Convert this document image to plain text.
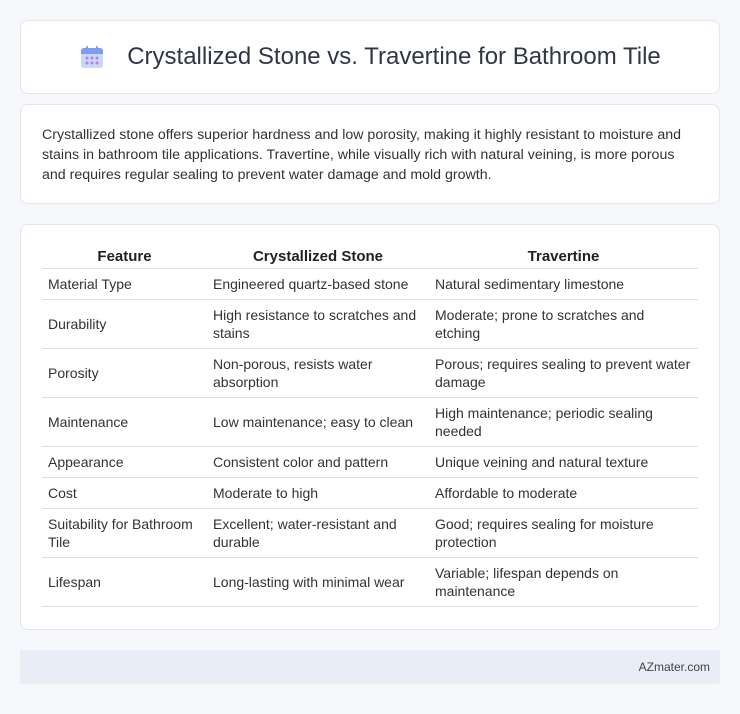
Crystallized Stone vs. Travertine for Bathroom Tile

Crystallized stone offers superior hardness and low porosity, making it highly resistant to moisture and stains in bathroom tile applications. Travertine, while visually rich with natural veining, is more porous and requires regular sealing to prevent water damage and mold growth.

Feature	Crystallized Stone	Travertine
Material Type	Engineered quartz-based stone	Natural sedimentary limestone
Durability	High resistance to scratches and stains	Moderate; prone to scratches and etching
Porosity	Non-porous, resists water absorption	Porous; requires sealing to prevent water damage
Maintenance	Low maintenance; easy to clean	High maintenance; periodic sealing needed
Appearance	Consistent color and pattern	Unique veining and natural texture
Cost	Moderate to high	Affordable to moderate
Suitability for Bathroom Tile	Excellent; water-resistant and durable	Good; requires sealing for moisture protection
Lifespan	Long-lasting with minimal wear	Variable; lifespan depends on maintenance
AZmater.com
